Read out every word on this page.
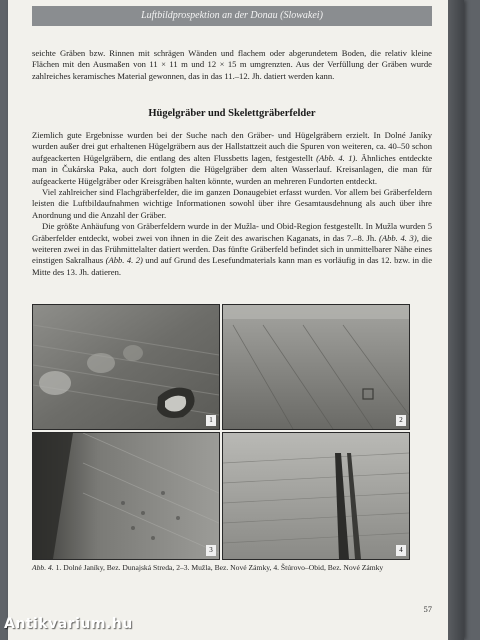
Luftbildprospektion an der Donau (Slowakei)

seichte Gräben bzw. Rinnen mit schrägen Wänden und flachem oder abgerundetem Boden, die relativ kleine Flächen mit den Ausmaßen von 11 × 11 m und 12 × 15 m umgrenzten. Aus der Verfüllung der Gräben wurde zahlreiches keramisches Material gewonnen, das in das 11.–12. Jh. datiert werden kann.

Hügelgräber und Skelettgräberfelder

Ziemlich gute Ergebnisse wurden bei der Suche nach den Gräber- und Hügelgräbern erzielt. In Dolné Janíky wurden außer drei gut erhaltenen Hügelgräbern aus der Hallstattzeit auch die Spuren von weiteren, ca. 40–50 schon aufgeackerten Hügelgräbern, die entlang des alten Flussbetts lagen, festgestellt (Abb. 4. 1). Ähnliches entdeckte man in Čukárska Paka, auch dort folgten die Hügelgräber dem alten Wasserlauf. Kreisanlagen, die man für aufgeackerte Hügelgräber oder Kreisgräben halten könnte, wurden an mehreren Fundorten entdeckt.

Viel zahlreicher sind Flachgräberfelder, die im ganzen Donaugebiet erfasst wurden. Vor allem bei Gräberfeldern leisten die Luftbildaufnahmen wichtige Informationen sowohl über ihre Gesamtausdehnung als auch über ihre Anordnung und die Anzahl der Gräber.

Die größte Anhäufung von Gräberfeldern wurde in der Mužla- und Obid-Region festgestellt. In Mužla wurden 5 Gräberfelder entdeckt, wobei zwei von ihnen in die Zeit des awarischen Kaganats, in das 7.–8. Jh. (Abb. 4. 3), die weiteren zwei in das Frühmittelalter datiert werden. Das fünfte Gräberfeld befindet sich in unmittelbarer Nähe eines einstigen Sakralhaus (Abb. 4. 2) und auf Grund des Lesefundmaterials kann man es vorläufig in das 12. bzw. in die Mitte des 13. Jh. datieren.

1	2
3	4
Abb. 4. 1. Dolné Janíky, Bez. Dunajská Streda, 2–3. Mužla, Bez. Nové Zámky, 4. Štúrovo–Obid, Bez. Nové Zámky
57
Antikvarium.hu
